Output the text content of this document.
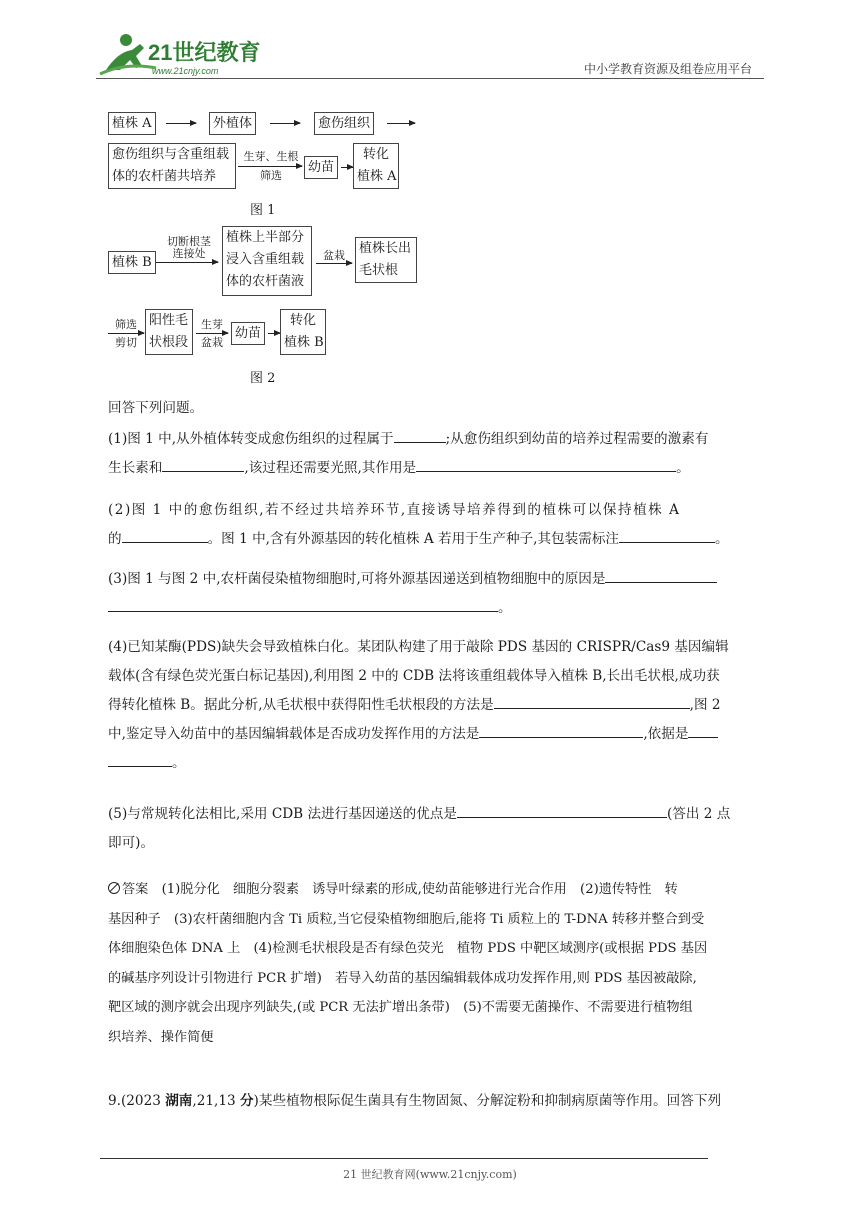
21世纪教育
www.21cnjy.com	中小学教育资源及组卷应用平台
植株 A	外植体	愈伤组织
愈伤组织与含重组载
体的农杆菌共培养
生芽、生根
筛选
幼苗
转化
植株 A
图 1
植株 B
切断根茎
连接处
植株上半部分
浸入含重组载
体的农杆菌液
盆栽	植株长出
毛状根
筛选
剪切
阳性毛
状根段
生芽
盆栽
幼苗
转化
植株 B
图 2
回答下列问题。
(1)图 1 中,从外植体转变成愈伤组织的过程属于	;从愈伤组织到幼苗的培养过程需要的激素有
生长素和	,该过程还需要光照,其作用是	。
(2)图 1 中的愈伤组织,若不经过共培养环节,直接诱导培养得到的植株可以保持植株 A
的	。图 1 中,含有外源基因的转化植株 A 若用于生产种子,其包装需标注	。
(3)图 1 与图 2 中,农杆菌侵染植物细胞时,可将外源基因递送到植物细胞中的原因是
。
(4)已知某酶(PDS)缺失会导致植株白化。某团队构建了用于敲除 PDS 基因的 CRISPR/Cas9 基因编辑
载体(含有绿色荧光蛋白标记基因),利用图 2 中的 CDB 法将该重组载体导入植株 B,长出毛状根,成功获
得转化植株 B。据此分析,从毛状根中获得阳性毛状根段的方法是	,图 2
中,鉴定导入幼苗中的基因编辑载体是否成功发挥作用的方法是	,依据是
。
(5)与常规转化法相比,采用 CDB 法进行基因递送的优点是	(答出 2 点
即可)。
答案　 (1)脱分化　细胞分裂素　诱导叶绿素的形成,使幼苗能够进行光合作用　(2)遗传特性　转
基因种子　(3)农杆菌细胞内含 Ti 质粒,当它侵染植物细胞后,能将 Ti 质粒上的 T-DNA 转移并整合到受
体细胞染色体 DNA 上　(4)检测毛状根段是否有绿色荧光　植物 PDS 中靶区域测序(或根据 PDS 基因
的碱基序列设计引物进行 PCR 扩增)　若导入幼苗的基因编辑载体成功发挥作用,则 PDS 基因被敲除,
靶区域的测序就会出现序列缺失,(或 PCR 无法扩增出条带)　(5)不需要无菌操作、不需要进行植物组
织培养、操作简便
9.(2023 湖南,21,13 分)某些植物根际促生菌具有生物固氮、分解淀粉和抑制病原菌等作用。回答下列
21 世纪教育网(www.21cnjy.com)
